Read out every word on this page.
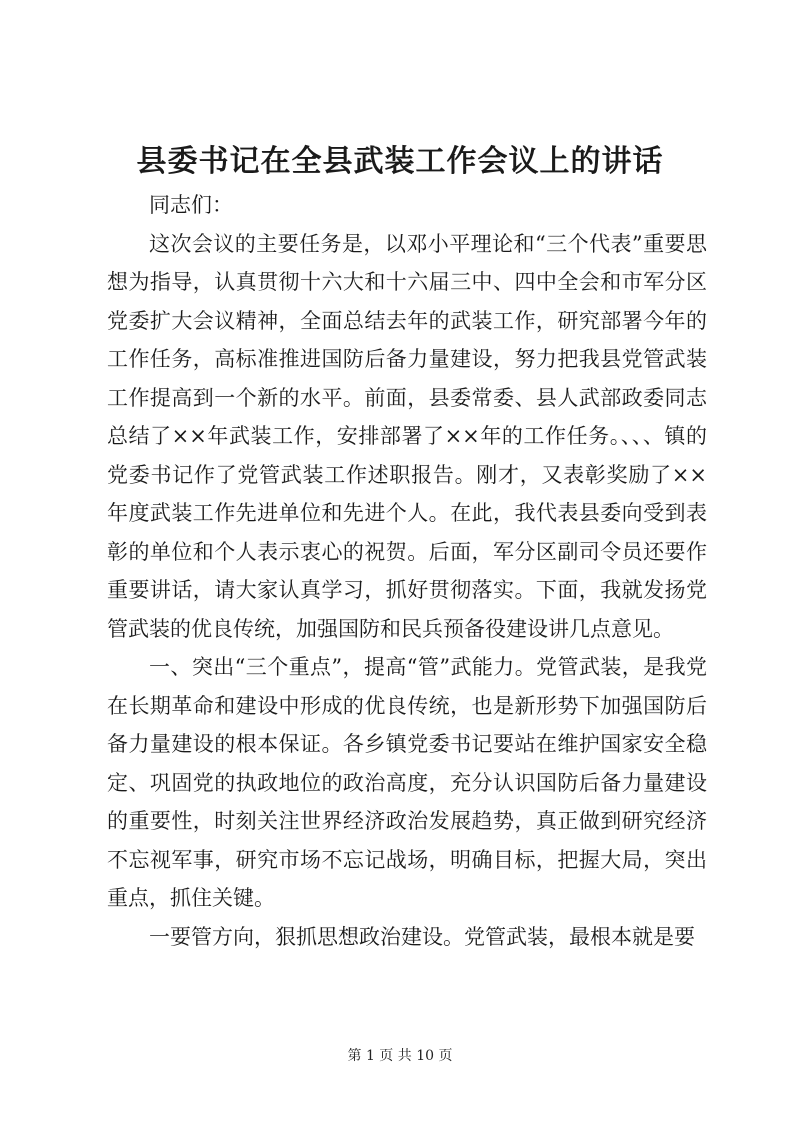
县委书记在全县武装工作会议上的讲话

同志们：

这次会议的主要任务是，以邓小平理论和“三个代表”重要思想为指导，认真贯彻十六大和十六届三中、四中全会和市军分区党委扩大会议精神，全面总结去年的武装工作，研究部署今年的工作任务，高标准推进国防后备力量建设，努力把我县党管武装工作提高到一个新的水平。前面，县委常委、县人武部政委同志总结了××年武装工作，安排部署了××年的工作任务。、、、镇的党委书记作了党管武装工作述职报告。刚才，又表彰奖励了××年度武装工作先进单位和先进个人。在此，我代表县委向受到表彰的单位和个人表示衷心的祝贺。后面，军分区副司令员还要作重要讲话，请大家认真学习，抓好贯彻落实。下面，我就发扬党管武装的优良传统，加强国防和民兵预备役建设讲几点意见。

一、突出“三个重点”，提高“管”武能力。党管武装，是我党在长期革命和建设中形成的优良传统，也是新形势下加强国防后备力量建设的根本保证。各乡镇党委书记要站在维护国家安全稳定、巩固党的执政地位的政治高度，充分认识国防后备力量建设的重要性，时刻关注世界经济政治发展趋势，真正做到研究经济不忘视军事，研究市场不忘记战场，明确目标，把握大局，突出重点，抓住关键。

一要管方向，狠抓思想政治建设。党管武装，最根本就是要

第 1 页 共 10 页
